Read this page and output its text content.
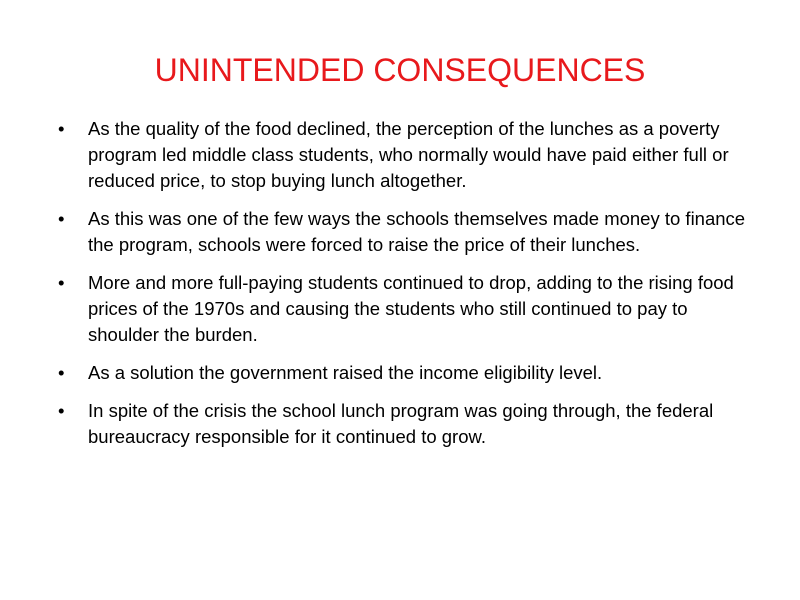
UNINTENDED CONSEQUENCES
•	As the quality of the food declined, the perception of the lunches as a poverty program led middle class students, who normally would have paid either full or reduced price, to stop buying lunch altogether.
•	As this was one of the few ways the schools themselves made money to finance the program, schools were forced to raise the price of their lunches.
•	More and more full-paying students continued to drop, adding to the rising food prices of the 1970s and causing the students who still continued to pay to shoulder the burden.
•	As a solution the government raised the income eligibility level.
•	In spite of the crisis the school lunch program was going through, the federal bureaucracy responsible for it continued to grow.
